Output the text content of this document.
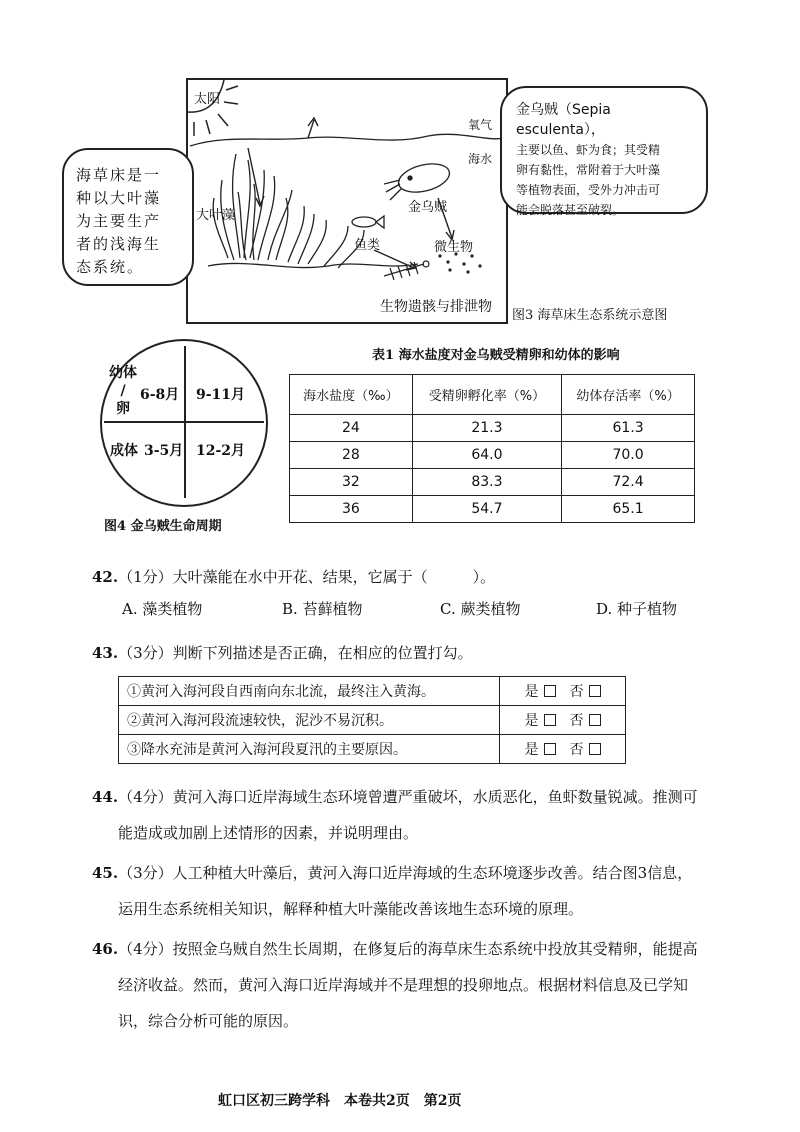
太阳
氧气
海水
大叶藻
金乌贼
鱼类	微生物
生物遗骸与排泄物
海草床是一
种以大叶藻
为主要生产
者的浅海生
态系统。
金乌贼（Sepia esculenta），
主要以鱼、虾为食；其受精
卵有黏性，常附着于大叶藻
等植物表面，受外力冲击可
能会脱落甚至破裂。
图3 海草床生态系统示意图
幼体
/
卵
成体
6-8月 9-11月
3-5月 12-2月
图4 金乌贼生命周期
表1 海水盐度对金乌贼受精卵和幼体的影响
海水盐度（‰）	受精卵孵化率（%）	幼体存活率（%）
24	21.3	61.3
28	64.0	70.0
32	83.3	72.4
36	54.7	65.1
42.（1分）大叶藻能在水中开花、结果，它属于（　　　）。
A. 藻类植物	B. 苔藓植物	C. 蕨类植物	D. 种子植物
43.（3分）判断下列描述是否正确，在相应的位置打勾。
①黄河入海河段自西南向东北流，最终注入黄海。	是 否
②黄河入海河段流速较快，泥沙不易沉积。	是 否
③降水充沛是黄河入海河段夏汛的主要原因。	是 否
44.（4分）黄河入海口近岸海域生态环境曾遭严重破坏，水质恶化，鱼虾数量锐减。推测可
能造成或加剧上述情形的因素，并说明理由。
45.（3分）人工种植大叶藻后，黄河入海口近岸海域的生态环境逐步改善。结合图3信息，
运用生态系统相关知识，解释种植大叶藻能改善该地生态环境的原理。
46.（4分）按照金乌贼自然生长周期，在修复后的海草床生态系统中投放其受精卵，能提高
经济收益。然而，黄河入海口近岸海域并不是理想的投卵地点。根据材料信息及已学知
识，综合分析可能的原因。
虹口区初三跨学科　本卷共2页　第2页
